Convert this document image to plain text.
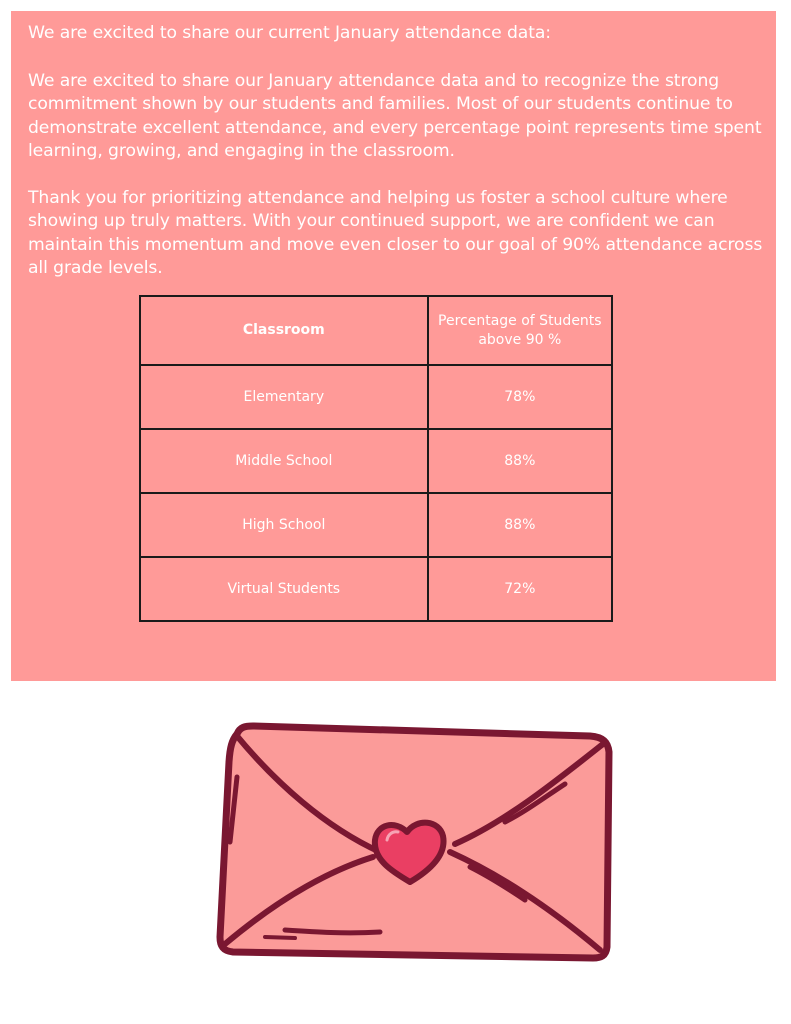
We are excited to share our current January attendance data:

We are excited to share our January attendance data and to recognize the strong commitment shown by our students and families. Most of our students continue to demonstrate excellent attendance, and every percentage point represents time spent learning, growing, and engaging in the classroom.

Thank you for prioritizing attendance and helping us foster a school culture where showing up truly matters. With your continued support, we are confident we can maintain this momentum and move even closer to our goal of 90% attendance across all grade levels.

Classroom	Percentage of Students above 90 %
Elementary	78%
Middle School	88%
High School	88%
Virtual Students	72%
